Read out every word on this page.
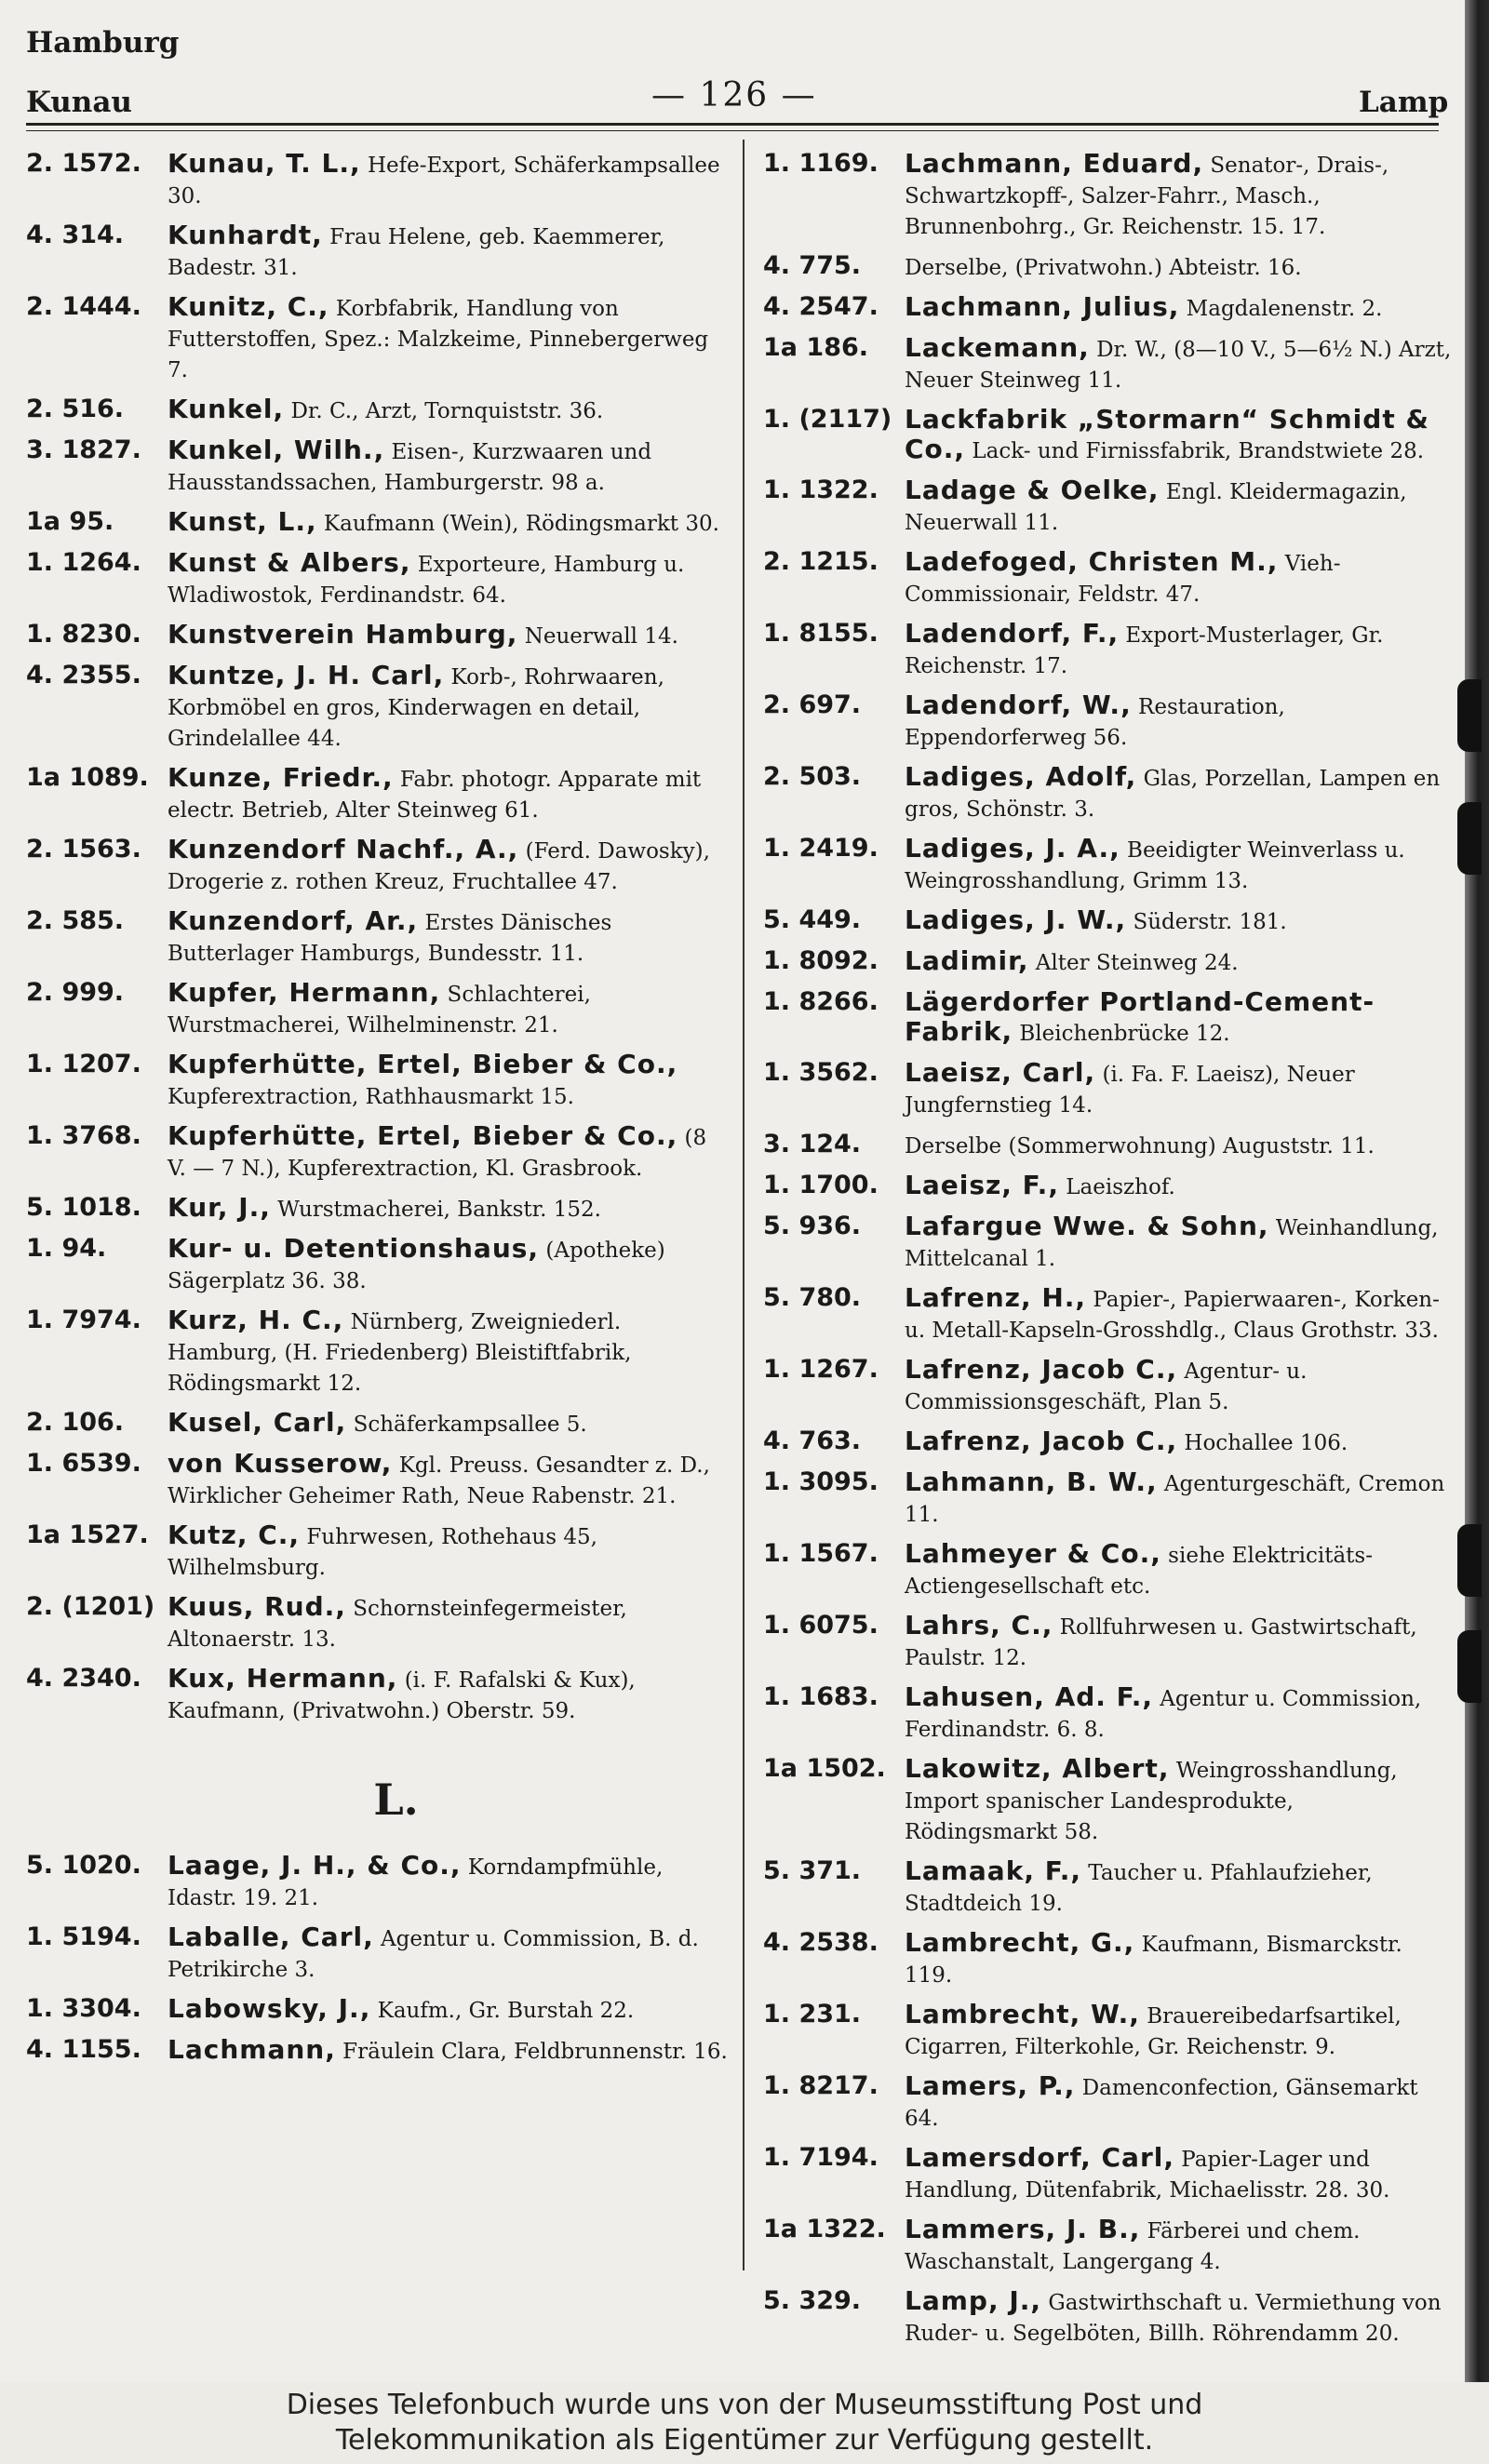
Hamburg
Kunau	— 126 —	Lamp
2. 1572.	Kunau, T. L., Hefe-Export, Schäferkampsallee 30.
4. 314.	Kunhardt, Frau Helene, geb. Kaemmerer, Badestr. 31.
2. 1444.	Kunitz, C., Korbfabrik, Handlung von Futterstoffen, Spez.: Malzkeime, Pinnebergerweg 7.
2. 516.	Kunkel, Dr. C., Arzt, Tornquiststr. 36.
3. 1827.	Kunkel, Wilh., Eisen-, Kurzwaaren und Hausstandssachen, Hamburgerstr. 98 a.
1a 95.	Kunst, L., Kaufmann (Wein), Rödingsmarkt 30.
1. 1264.	Kunst & Albers, Exporteure, Hamburg u. Wladiwostok, Ferdinandstr. 64.
1. 8230.	Kunstverein Hamburg, Neuerwall 14.
4. 2355.	Kuntze, J. H. Carl, Korb-, Rohrwaaren, Korbmöbel en gros, Kinderwagen en detail, Grindelallee 44.
1a 1089. Kunze, Friedr., Fabr. photogr. Apparate mit electr. Betrieb, Alter Steinweg 61.
2. 1563.	Kunzendorf Nachf., A., (Ferd. Dawosky), Drogerie z. rothen Kreuz, Fruchtallee 47.
2. 585.	Kunzendorf, Ar., Erstes Dänisches Butterlager Hamburgs, Bundesstr. 11.
2. 999.	Kupfer, Hermann, Schlachterei, Wurstmacherei, Wilhelminenstr. 21.
1. 1207.	Kupferhütte, Ertel, Bieber & Co., Kupferextraction, Rathhausmarkt 15.
1. 3768.	Kupferhütte, Ertel, Bieber & Co., (8 V. — 7 N.), Kupferextraction, Kl. Grasbrook.
5. 1018.	Kur, J., Wurstmacherei, Bankstr. 152.
1. 94.	Kur- u. Detentionshaus, (Apotheke) Sägerplatz 36. 38.
1. 7974.	Kurz, H. C., Nürnberg, Zweigniederl. Hamburg, (H. Friedenberg) Bleistiftfabrik, Rödingsmarkt 12.
2. 106.	Kusel, Carl, Schäferkampsallee 5.
1. 6539.	von Kusserow, Kgl. Preuss. Gesandter z. D., Wirklicher Geheimer Rath, Neue Rabenstr. 21.
1a 1527. Kutz, C., Fuhrwesen, Rothehaus 45, Wilhelmsburg.
2. (1201) Kuus, Rud., Schornsteinfegermeister, Altonaerstr. 13.
4. 2340.	Kux, Hermann, (i. F. Rafalski & Kux), Kaufmann, (Privatwohn.) Oberstr. 59.
L.
5. 1020.	Laage, J. H., & Co., Korndampfmühle, Idastr. 19. 21.
1. 5194.	Laballe, Carl, Agentur u. Commission, B. d. Petrikirche 3.
1. 3304.	Labowsky, J., Kaufm., Gr. Burstah 22.
4. 1155.	Lachmann, Fräulein Clara, Feldbrunnenstr. 16.
1. 1169.	Lachmann, Eduard, Senator-, Drais-, Schwartzkopff-, Salzer-Fahrr., Masch., Brunnenbohrg., Gr. Reichenstr. 15. 17.
4. 775.	Derselbe, (Privatwohn.) Abteistr. 16.
4. 2547.	Lachmann, Julius, Magdalenenstr. 2.
1a 186.	Lackemann, Dr. W., (8—10 V., 5—6½ N.) Arzt, Neuer Steinweg 11.
1. (2117) Lackfabrik „Stormarn“ Schmidt & Co., Lack- und Firnissfabrik, Brandstwiete 28.
1. 1322.	Ladage & Oelke, Engl. Kleidermagazin, Neuerwall 11.
2. 1215.	Ladefoged, Christen M., Vieh-Commissionair, Feldstr. 47.
1. 8155.	Ladendorf, F., Export-Musterlager, Gr. Reichenstr. 17.
2. 697.	Ladendorf, W., Restauration, Eppendorferweg 56.
2. 503.	Ladiges, Adolf, Glas, Porzellan, Lampen en gros, Schönstr. 3.
1. 2419.	Ladiges, J. A., Beeidigter Weinverlass u. Weingrosshandlung, Grimm 13.
5. 449.	Ladiges, J. W., Süderstr. 181.
1. 8092.	Ladimir, Alter Steinweg 24.
1. 8266.	Lägerdorfer Portland-Cement-Fabrik, Bleichenbrücke 12.
1. 3562.	Laeisz, Carl, (i. Fa. F. Laeisz), Neuer Jungfernstieg 14.
3. 124.	Derselbe (Sommerwohnung) Auguststr. 11.
1. 1700.	Laeisz, F., Laeiszhof.
5. 936.	Lafargue Wwe. & Sohn, Weinhandlung, Mittelcanal 1.
5. 780.	Lafrenz, H., Papier-, Papierwaaren-, Korken- u. Metall-Kapseln-Grosshdlg., Claus Grothstr. 33.
1. 1267.	Lafrenz, Jacob C., Agentur- u. Commissionsgeschäft, Plan 5.
4. 763.	Lafrenz, Jacob C., Hochallee 106.
1. 3095.	Lahmann, B. W., Agenturgeschäft, Cremon 11.
1. 1567.	Lahmeyer & Co., siehe Elektricitäts-Actiengesellschaft etc.
1. 6075.	Lahrs, C., Rollfuhrwesen u. Gastwirtschaft, Paulstr. 12.
1. 1683.	Lahusen, Ad. F., Agentur u. Commission, Ferdinandstr. 6. 8.
1a 1502. Lakowitz, Albert, Weingrosshandlung, Import spanischer Landesprodukte, Rödingsmarkt 58.
5. 371.	Lamaak, F., Taucher u. Pfahlaufzieher, Stadtdeich 19.
4. 2538.	Lambrecht, G., Kaufmann, Bismarckstr. 119.
1. 231.	Lambrecht, W., Brauereibedarfsartikel, Cigarren, Filterkohle, Gr. Reichenstr. 9.
1. 8217.	Lamers, P., Damenconfection, Gänsemarkt 64.
1. 7194.	Lamersdorf, Carl, Papier-Lager und Handlung, Dütenfabrik, Michaelisstr. 28. 30.
1a 1322. Lammers, J. B., Färberei und chem. Waschanstalt, Langergang 4.
5. 329.	Lamp, J., Gastwirthschaft u. Vermiethung von Ruder- u. Segelböten, Billh. Röhrendamm 20.
Dieses Telefonbuch wurde uns von der Museumsstiftung Post und
Telekommunikation als Eigentümer zur Verfügung gestellt.
